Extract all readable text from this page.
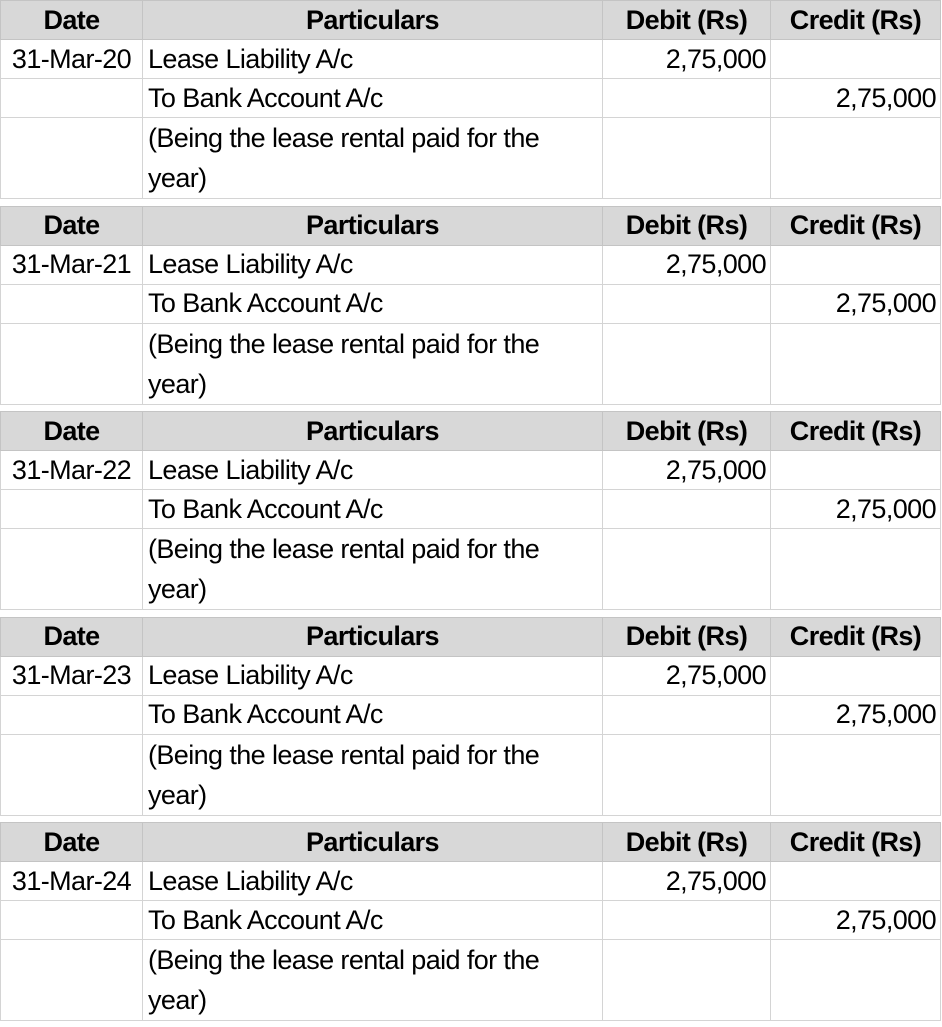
Date	Particulars	Debit (Rs)	Credit (Rs)
31-Mar-20	Lease Liability A/c	2,75,000	
	To Bank Account A/c		2,75,000

	(Being the lease rental paid for the
year)		

Date	Particulars	Debit (Rs)	Credit (Rs)
31-Mar-21	Lease Liability A/c	2,75,000	
	To Bank Account A/c		2,75,000

	(Being the lease rental paid for the
year)		

Date	Particulars	Debit (Rs)	Credit (Rs)
31-Mar-22	Lease Liability A/c	2,75,000	
	To Bank Account A/c		2,75,000

	(Being the lease rental paid for the
year)		

Date	Particulars	Debit (Rs)	Credit (Rs)
31-Mar-23	Lease Liability A/c	2,75,000	
	To Bank Account A/c		2,75,000

	(Being the lease rental paid for the
year)		

Date	Particulars	Debit (Rs)	Credit (Rs)
31-Mar-24	Lease Liability A/c	2,75,000	
	To Bank Account A/c		2,75,000

	(Being the lease rental paid for the
year)		
